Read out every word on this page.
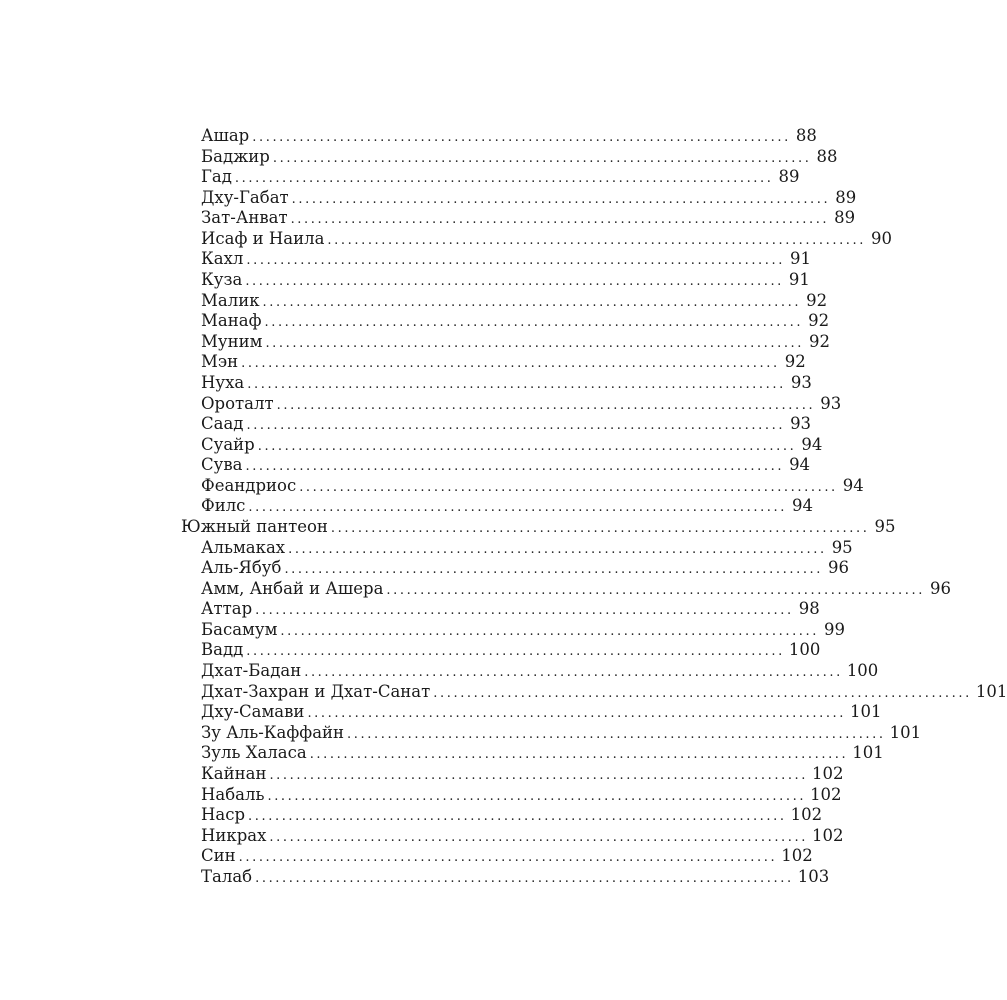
Ашар ................................................................................ 88
Баджир ................................................................................ 88
Гад ................................................................................ 89
Дху-Габат ................................................................................ 89
Зат-Анват ................................................................................ 89
Исаф и Наила ................................................................................ 90
Кахл ................................................................................ 91
Куза ................................................................................ 91
Малик ................................................................................ 92
Манаф ................................................................................ 92
Муним ................................................................................ 92
Мэн ................................................................................ 92
Нуха ................................................................................ 93
Ороталт ................................................................................ 93
Саад ................................................................................ 93
Суайр ................................................................................ 94
Сува ................................................................................ 94
Феандриос ................................................................................ 94
Филс ................................................................................ 94
Южный пантеон ................................................................................ 95
Альмаках ................................................................................ 95
Аль-Ябуб ................................................................................ 96
Амм, Анбай и Ашера ................................................................................ 96
Аттар ................................................................................ 98
Басамум ................................................................................ 99
Вадд ................................................................................ 100
Дхат-Бадан ................................................................................ 100
Дхат-Захран и Дхат-Санат ................................................................................ 101
Дху-Самави ................................................................................ 101
Зу Аль-Каффайн ................................................................................ 101
Зуль Халаса ................................................................................ 101
Кайнан ................................................................................ 102
Набаль ................................................................................ 102
Наср ................................................................................ 102
Никрах ................................................................................ 102
Син ................................................................................ 102
Талаб ................................................................................ 103
